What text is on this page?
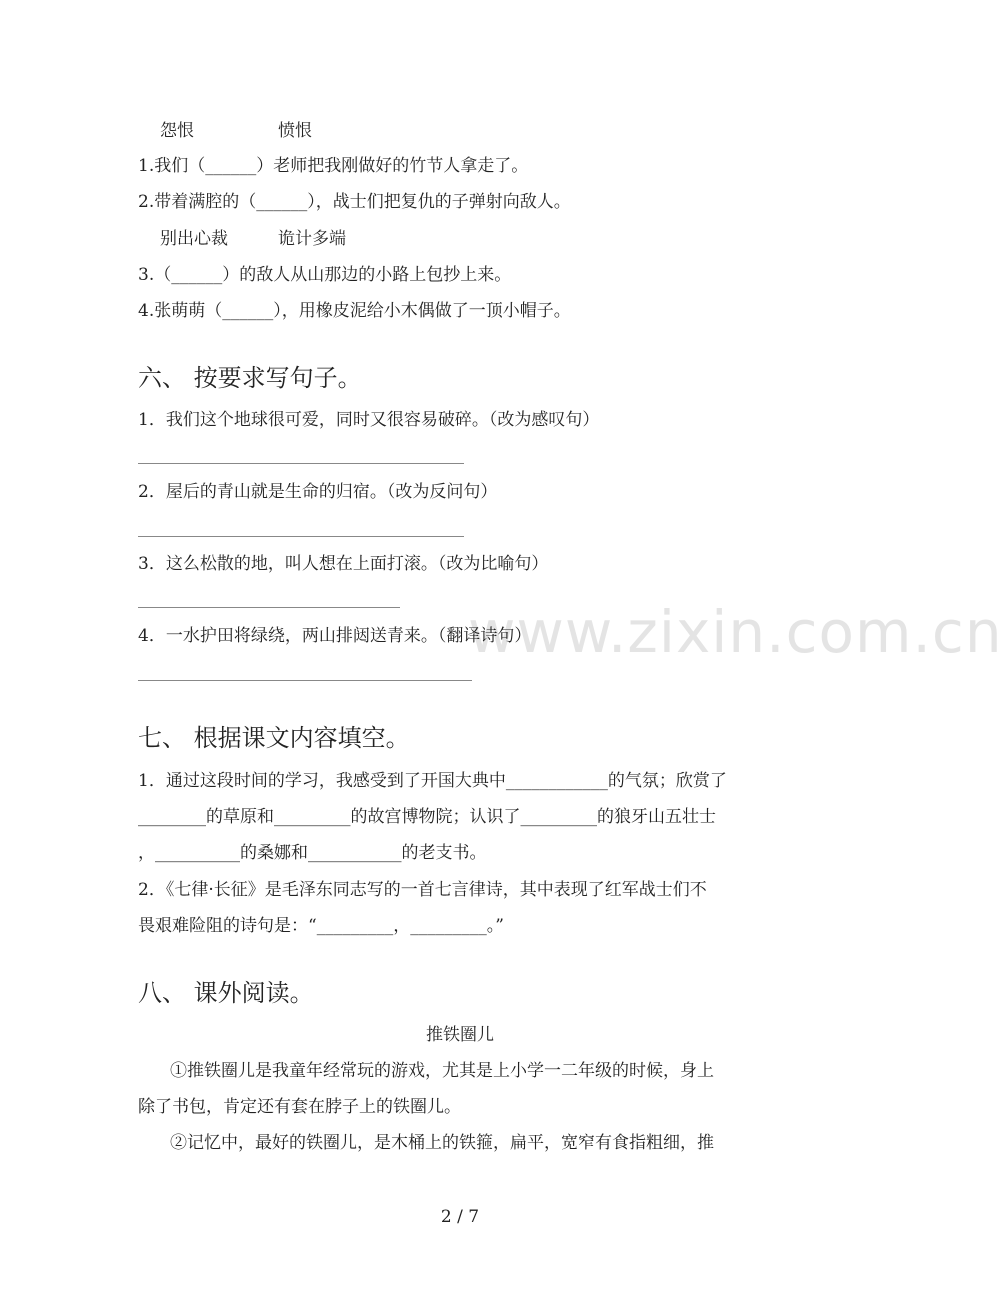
www.zixin.com.cn
怨恨	愤恨
1.我们（______）老师把我刚做好的竹节人拿走了。
2.带着满腔的（______），战士们把复仇的子弹射向敌人。
别出心裁	诡计多端
3.（______）的敌人从山那边的小路上包抄上来。
4.张萌萌（______），用橡皮泥给小木偶做了一顶小帽子。
六、 按要求写句子。
1．我们这个地球很可爱，同时又很容易破碎。（改为感叹句）
2．屋后的青山就是生命的归宿。（改为反问句）
3．这么松散的地，叫人想在上面打滚。（改为比喻句）
4．一水护田将绿绕，两山排闼送青来。（翻译诗句）
七、 根据课文内容填空。
1．通过这段时间的学习，我感受到了开国大典中____________的气氛；欣赏了
________的草原和_________的故宫博物院；认识了_________的狼牙山五壮士
，__________的桑娜和___________的老支书。
2．《七律·长征》是毛泽东同志写的一首七言律诗，其中表现了红军战士们不
畏艰难险阻的诗句是：“_________，_________。”
八、 课外阅读。
推铁圈儿
①推铁圈儿是我童年经常玩的游戏，尤其是上小学一二年级的时候，身上
除了书包，肯定还有套在脖子上的铁圈儿。
②记忆中，最好的铁圈儿，是木桶上的铁箍，扁平，宽窄有食指粗细，推
2 / 7
